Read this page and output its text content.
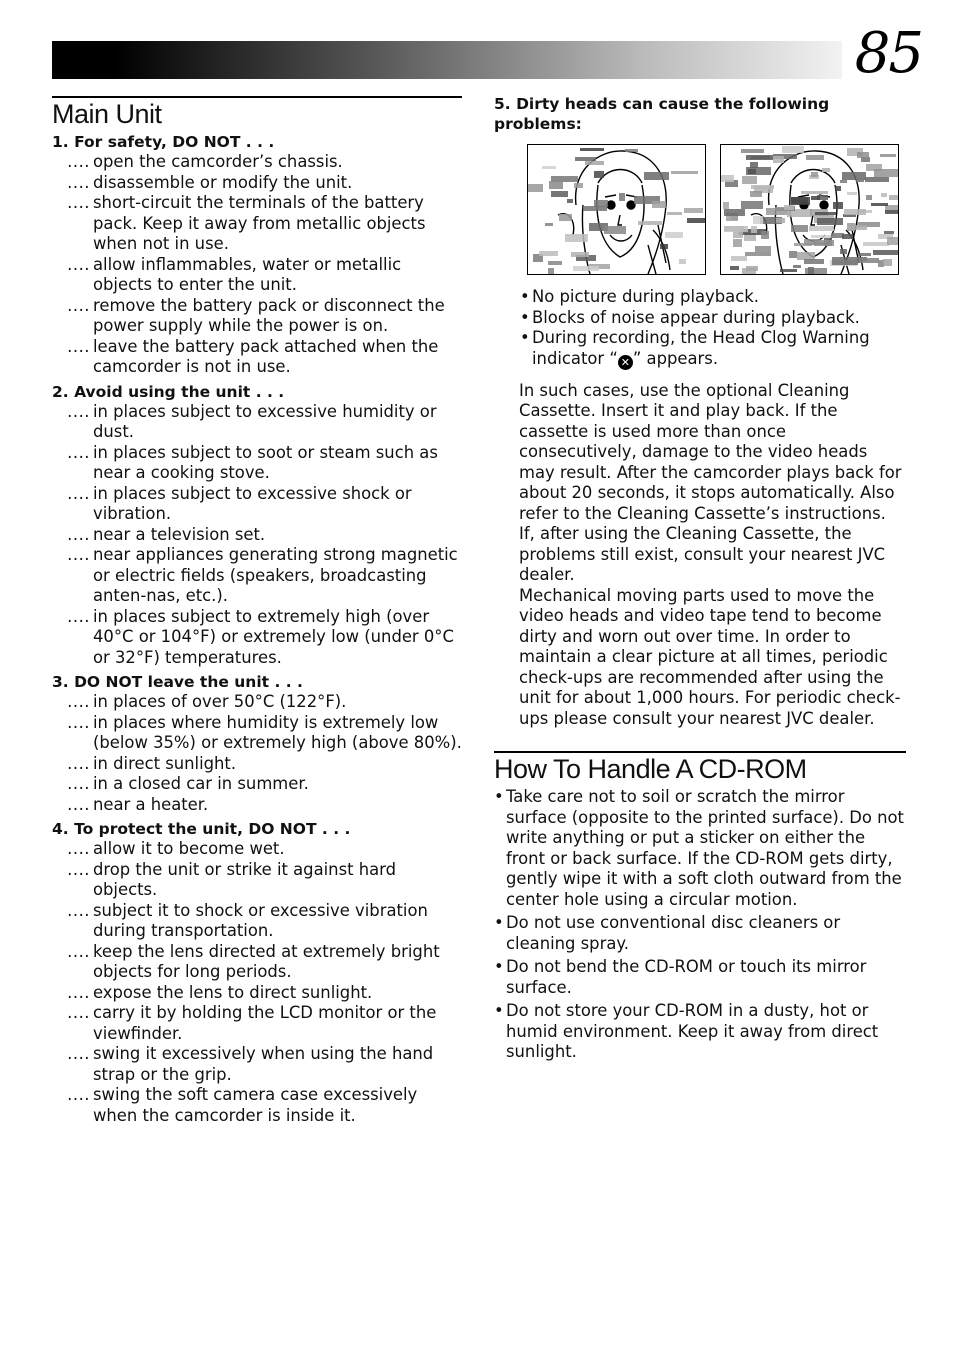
85
Main Unit
1. For safety, DO NOT . . .
.... open the camcorder’s chassis.
.... disassemble or modify the unit.
.... short-circuit the terminals of the battery pack. Keep it away from metallic objects when not in use.
.... allow inflammables, water or metallic objects to enter the unit.
.... remove the battery pack or disconnect the power supply while the power is on.
.... leave the battery pack attached when the camcorder is not in use.
2. Avoid using the unit . . .
.... in places subject to excessive humidity or dust.
.... in places subject to soot or steam such as near a cooking stove.
.... in places subject to excessive shock or vibration.
.... near a television set.
.... near appliances generating strong magnetic or electric fields (speakers, broadcasting anten-nas, etc.).
.... in places subject to extremely high (over 40°C or 104°F) or extremely low (under 0°C or 32°F) temperatures.
3. DO NOT leave the unit . . .
.... in places of over 50°C (122°F).
.... in places where humidity is extremely low (below 35%) or extremely high (above 80%).
.... in direct sunlight.
.... in a closed car in summer.
.... near a heater.
4. To protect the unit, DO NOT . . .
.... allow it to become wet.
.... drop the unit or strike it against hard objects.
.... subject it to shock or excessive vibration during transportation.
.... keep the lens directed at extremely bright objects for long periods.
.... expose the lens to direct sunlight.
.... carry it by holding the LCD monitor or the viewfinder.
.... swing it excessively when using the hand strap or the grip.
.... swing the soft camera case excessively when the camcorder is inside it.
5. Dirty heads can cause the following problems:
• No picture during playback.
• Blocks of noise appear during playback.
• During recording, the Head Clog Warning indicator “ ✕ ” appears.

In such cases, use the optional Cleaning Cassette. Insert it and play back. If the cassette is used more than once consecutively, damage to the video heads may result. After the camcorder plays back for about 20 seconds, it stops automatically. Also refer to the Cleaning Cassette’s instructions.

If, after using the Cleaning Cassette, the problems still exist, consult your nearest JVC dealer.

Mechanical moving parts used to move the video heads and video tape tend to become dirty and worn out over time. In order to maintain a clear picture at all times, periodic check-ups are recommended after using the unit for about 1,000 hours. For periodic check-ups please consult your nearest JVC dealer.

How To Handle A CD-ROM
• Take care not to soil or scratch the mirror surface (opposite to the printed surface). Do not write anything or put a sticker on either the front or back surface. If the CD-ROM gets dirty, gently wipe it with a soft cloth outward from the center hole using a circular motion.
• Do not use conventional disc cleaners or cleaning spray.
• Do not bend the CD-ROM or touch its mirror surface.
• Do not store your CD-ROM in a dusty, hot or humid environment. Keep it away from direct sunlight.
